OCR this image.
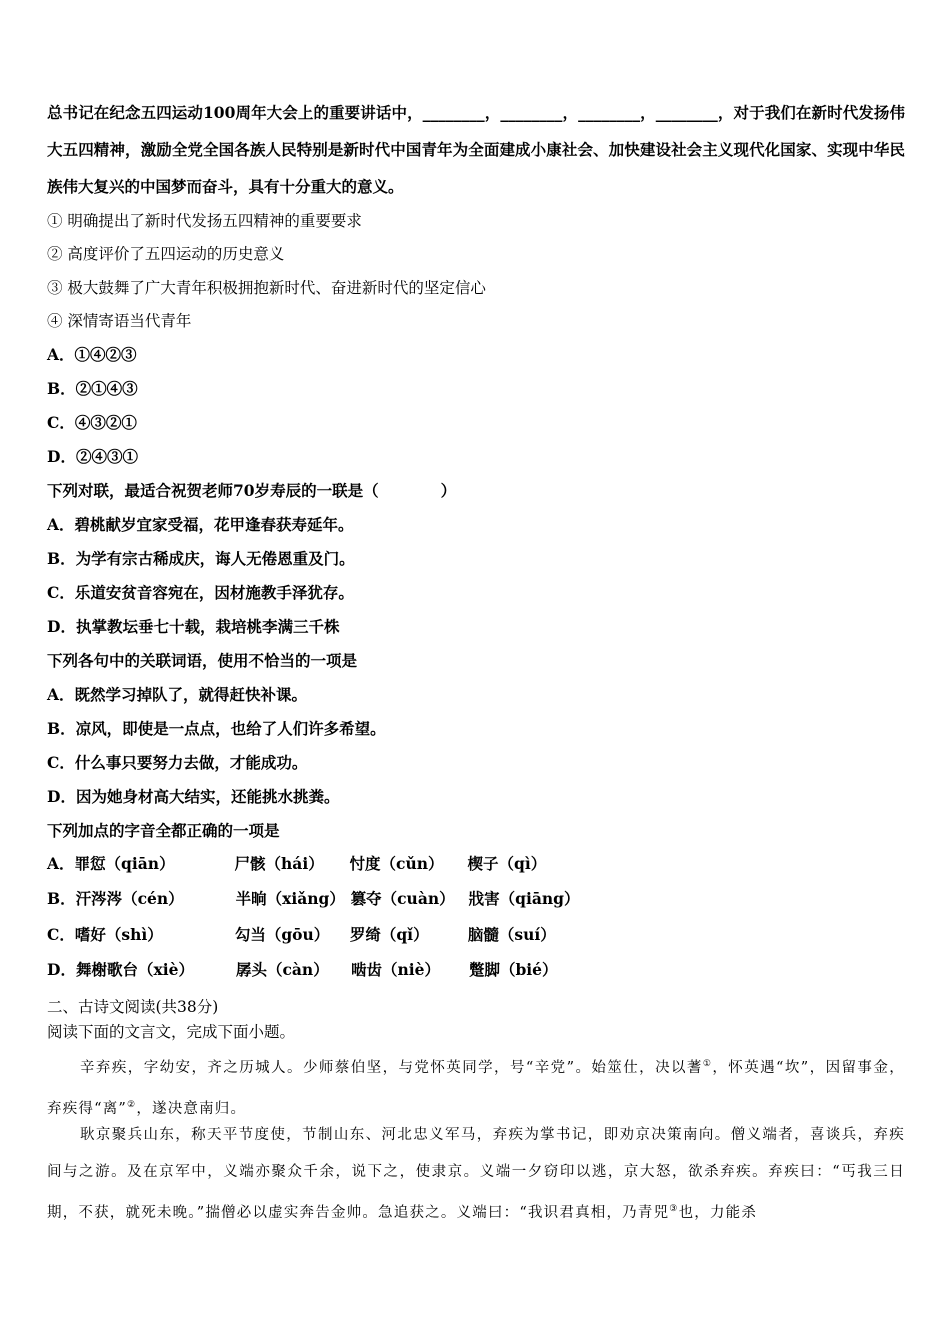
总书记在纪念五四运动100周年大会上的重要讲话中，________，________，________，________，对于我们在新时代发扬伟大五四精神，激励全党全国各族人民特别是新时代中国青年为全面建成小康社会、加快建设社会主义现代化国家、实现中华民族伟大复兴的中国梦而奋斗，具有十分重大的意义。
① 明确提出了新时代发扬五四精神的重要要求
② 高度评价了五四运动的历史意义
③ 极大鼓舞了广大青年积极拥抱新时代、奋进新时代的坚定信心
④ 深情寄语当代青年
A．①④②③
B．②①④③
C．④③②①
D．②④③①
下列对联，最适合祝贺老师70岁寿辰的一联是（　　　　）
A．碧桃献岁宜家受福，花甲逢春获寿延年。
B．为学有宗古稀成庆，诲人无倦恩重及门。
C．乐道安贫音容宛在，因材施教手泽犹存。
D．执掌教坛垂七十载，栽培桃李满三千株
下列各句中的关联词语，使用不恰当的一项是
A．既然学习掉队了，就得赶快补课。
B．凉风，即使是一点点，也给了人们许多希望。
C．什么事只要努力去做，才能成功。
D．因为她身材高大结实，还能挑水挑粪。
下列加点的字音全都正确的一项是
A．罪愆（qiān）	尸骸（hái） 忖度（cǔn） 楔子（qì）
B．汗涔涔（cén）	半晌（xiǎng） 篡夺（cuàn） 戕害（qiāng）
C．嗜好（shì）	勾当（gōu） 罗绮（qǐ）	脑髓（suí）
D．舞榭歌台（xiè）	孱头（càn） 啮齿（niè） 蹩脚（bié）
二、古诗文阅读(共38分)
阅读下面的文言文，完成下面小题。
辛弃疾，字幼安，齐之历城人。少师蔡伯坚，与党怀英同学，号“辛党”。始筮仕，决以蓍①，怀英遇“坎”，因留事金，弃疾得“离”②，遂决意南归。
耿京聚兵山东，称天平节度使，节制山东、河北忠义军马，弃疾为掌书记，即劝京决策南向。僧义端者，喜谈兵，弃疾间与之游。及在京军中，义端亦聚众千余，说下之，使隶京。义端一夕窃印以逃，京大怒，欲杀弃疾。弃疾曰：“丐我三日期，不获，就死未晚。”揣僧必以虚实奔告金帅。急追获之。义端曰：“我识君真相，乃青兕③也，力能杀
